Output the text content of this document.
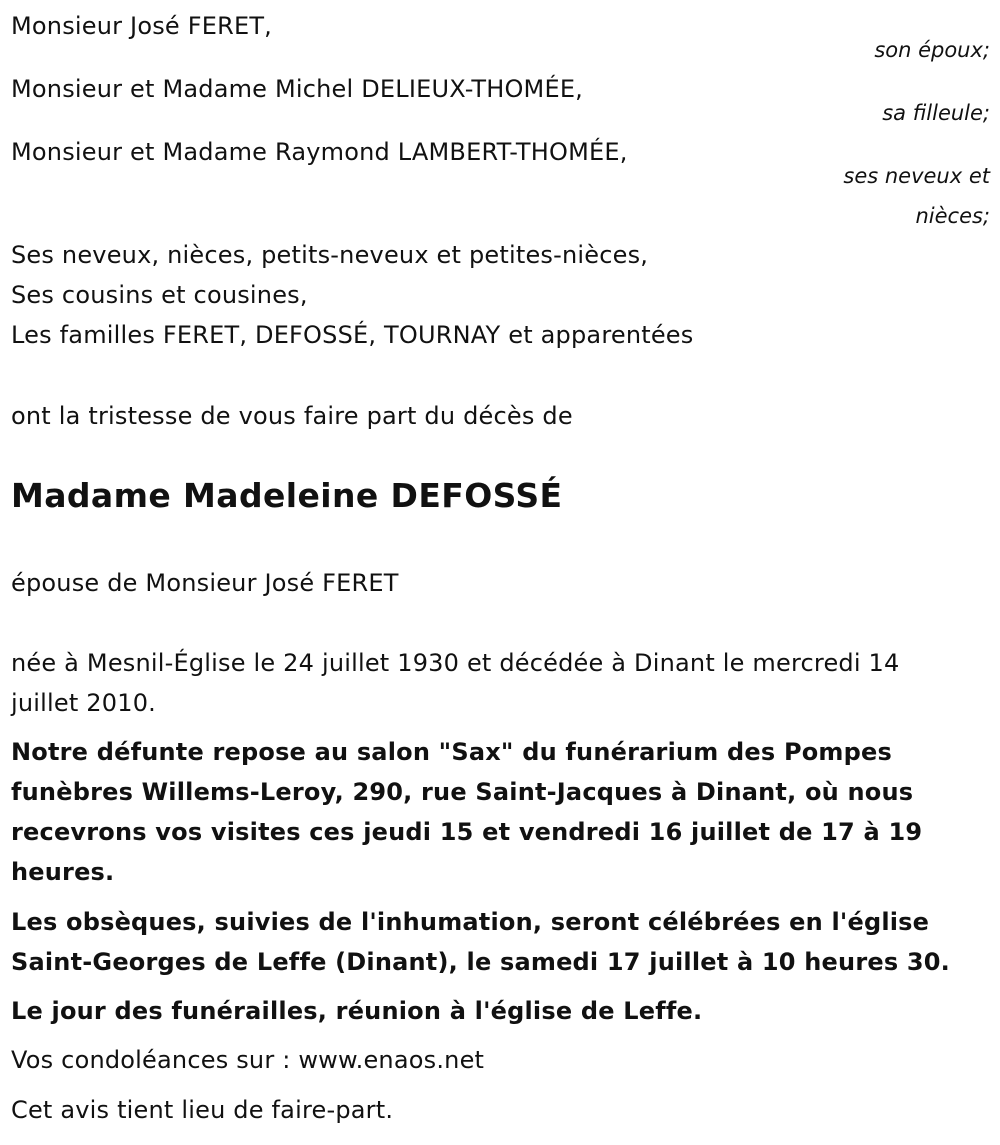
Monsieur José FERET,
son époux;
Monsieur et Madame Michel DELIEUX-THOMÉE,
sa filleule;
Monsieur et Madame Raymond LAMBERT-THOMÉE,
ses neveux et
nièces;
Ses neveux, nièces, petits-neveux et petites-nièces,
Ses cousins et cousines,
Les familles FERET, DEFOSSÉ, TOURNAY et apparentées
ont la tristesse de vous faire part du décès de
Madame Madeleine DEFOSSÉ
épouse de Monsieur José FERET
née à Mesnil-Église le 24 juillet 1930 et décédée à Dinant le mercredi 14 juillet 2010.
Notre défunte repose au salon "Sax" du funérarium des Pompes funèbres Willems-Leroy, 290, rue Saint-Jacques à Dinant, où nous recevrons vos visites ces jeudi 15 et vendredi 16 juillet de 17 à 19 heures.
Les obsèques, suivies de l'inhumation, seront célébrées en l'église Saint-Georges de Leffe (Dinant), le samedi 17 juillet à 10 heures 30.
Le jour des funérailles, réunion à l'église de Leffe.
Vos condoléances sur : www.enaos.net
Cet avis tient lieu de faire-part.
